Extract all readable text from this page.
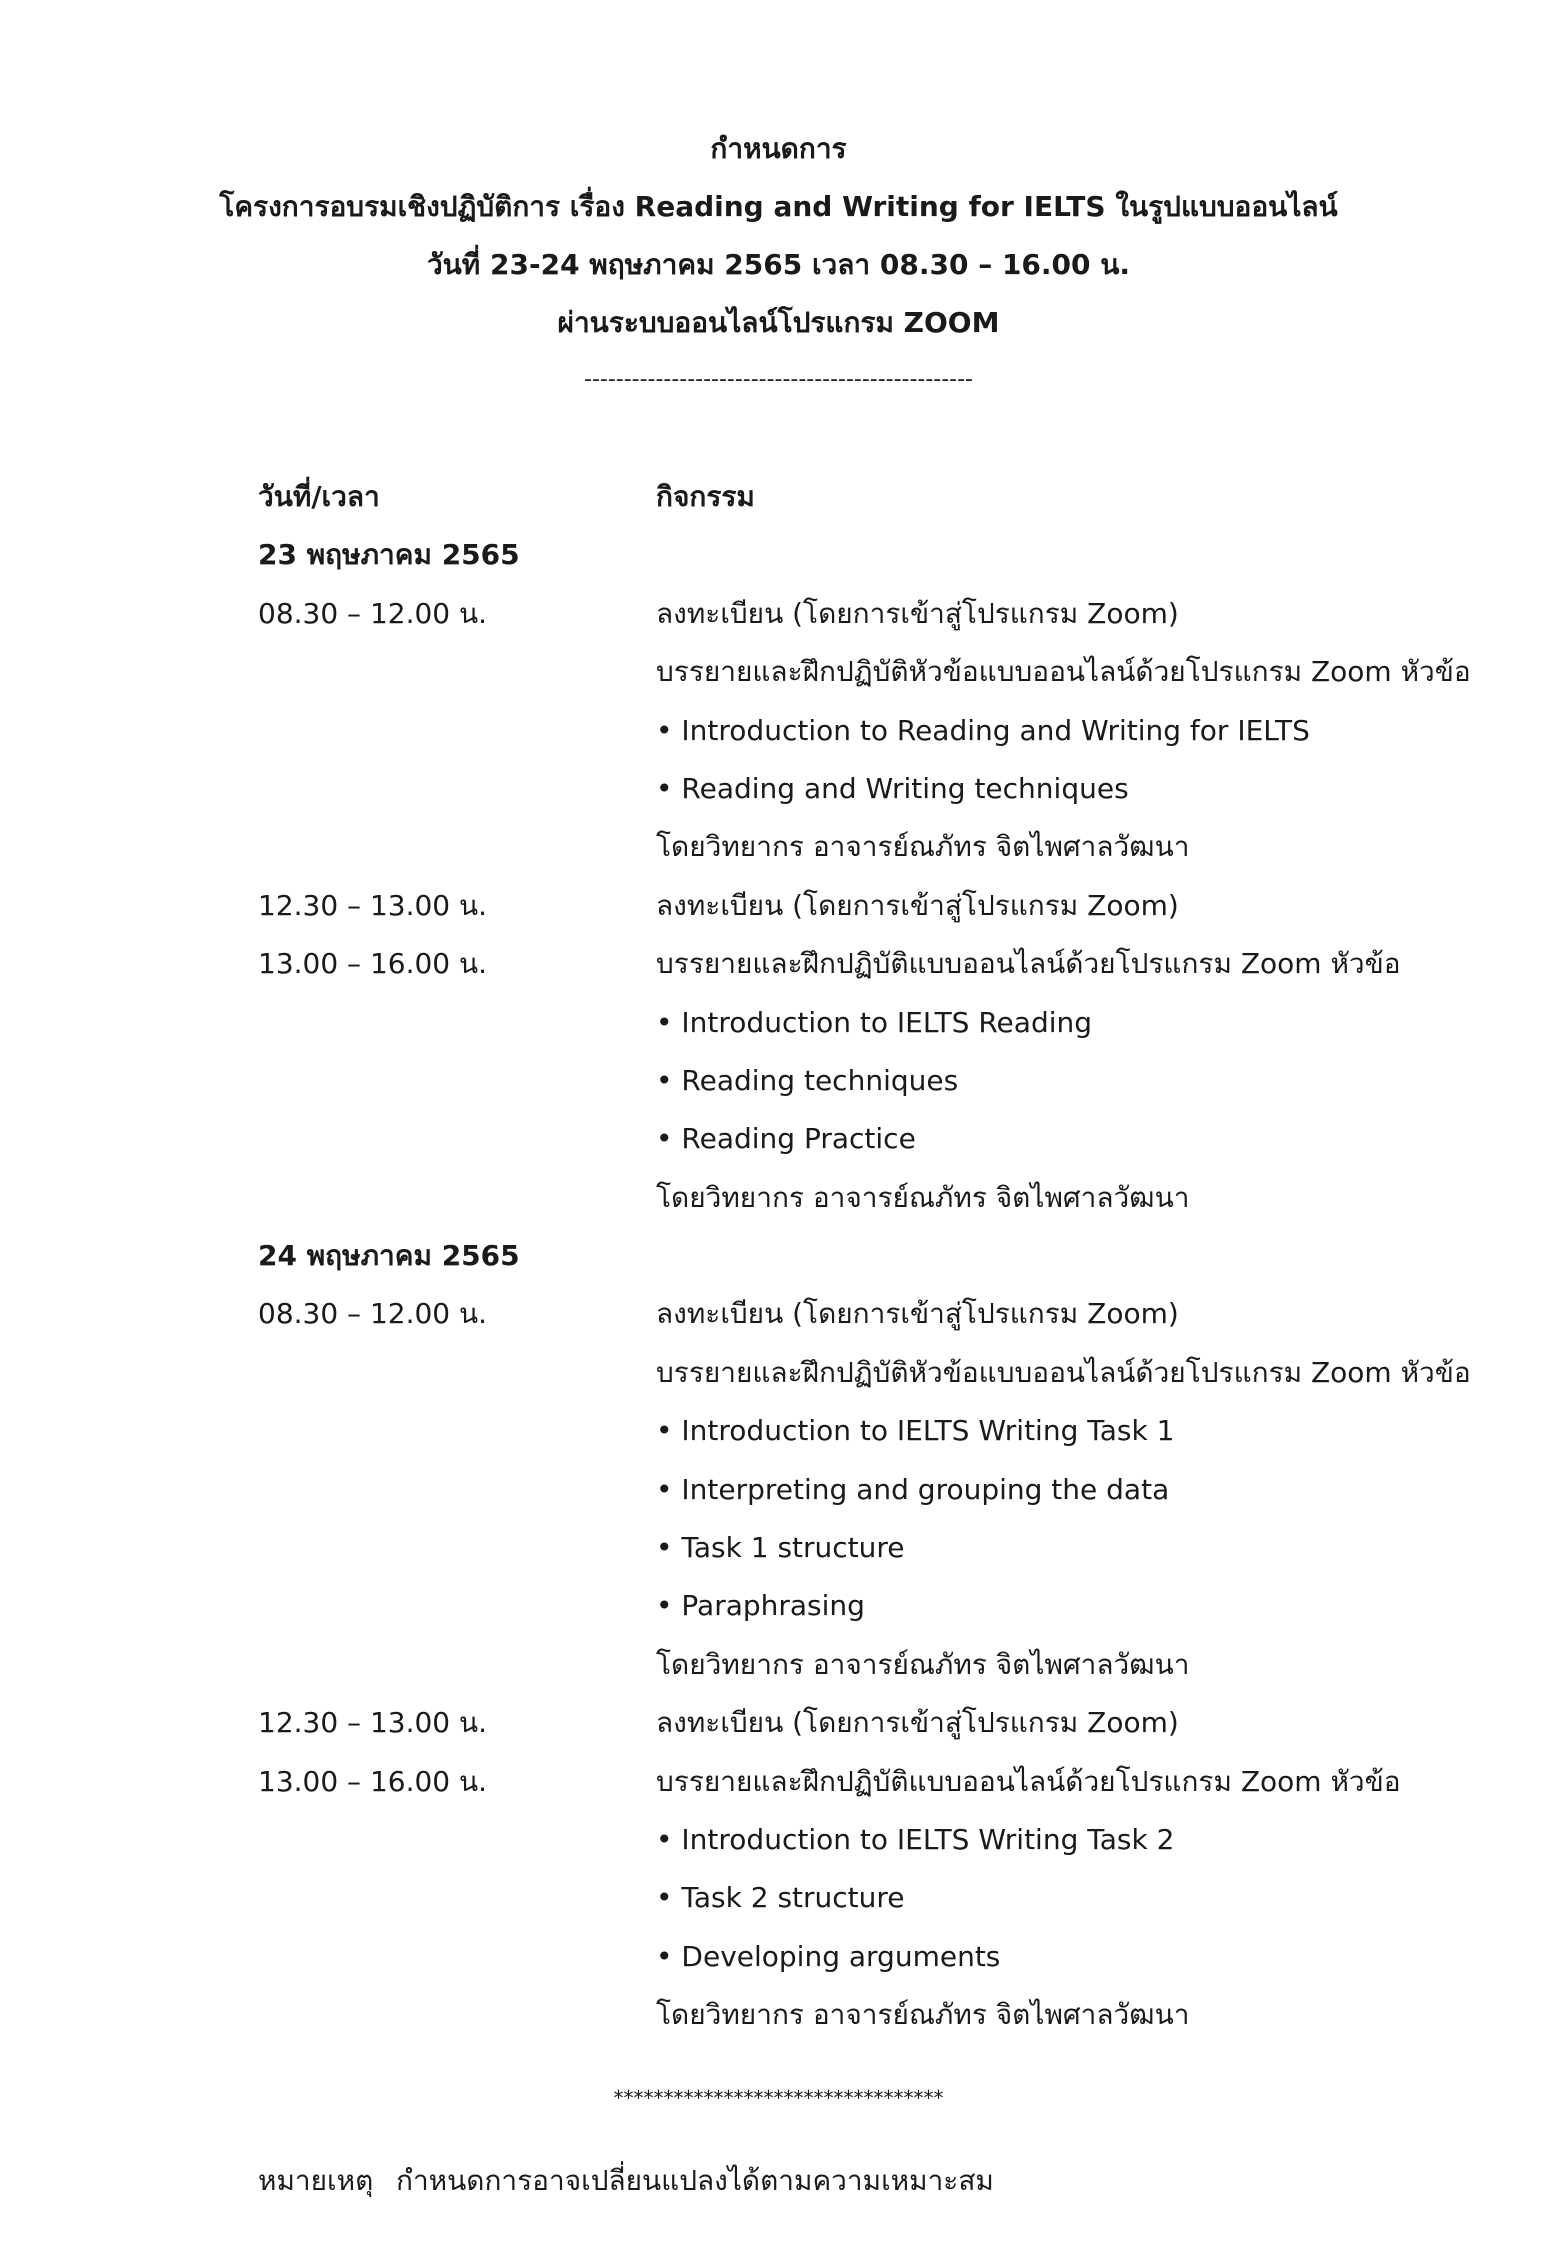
กำหนดการ
โครงการอบรมเชิงปฏิบัติการ เรื่อง Reading and Writing for IELTS ในรูปแบบออนไลน์
วันที่ 23-24 พฤษภาคม 2565 เวลา 08.30 – 16.00 น.
ผ่านระบบออนไลน์โปรแกรม ZOOM
-------------------------------------------------
วันที่/เวลา	กิจกรรม
23 พฤษภาคม 2565
08.30 – 12.00 น.	ลงทะเบียน (โดยการเข้าสู่โปรแกรม Zoom)
บรรยายและฝึกปฏิบัติหัวข้อแบบออนไลน์ด้วยโปรแกรม Zoom หัวข้อ
• Introduction to Reading and Writing for IELTS
• Reading and Writing techniques
โดยวิทยากร อาจารย์ณภัทร จิตไพศาลวัฒนา
12.30 – 13.00 น.	ลงทะเบียน (โดยการเข้าสู่โปรแกรม Zoom)
13.00 – 16.00 น.	บรรยายและฝึกปฏิบัติแบบออนไลน์ด้วยโปรแกรม Zoom หัวข้อ
• Introduction to IELTS Reading
• Reading techniques
• Reading Practice
โดยวิทยากร อาจารย์ณภัทร จิตไพศาลวัฒนา
24 พฤษภาคม 2565
08.30 – 12.00 น.	ลงทะเบียน (โดยการเข้าสู่โปรแกรม Zoom)
บรรยายและฝึกปฏิบัติหัวข้อแบบออนไลน์ด้วยโปรแกรม Zoom หัวข้อ
• Introduction to IELTS Writing Task 1
• Interpreting and grouping the data
• Task 1 structure
• Paraphrasing
โดยวิทยากร อาจารย์ณภัทร จิตไพศาลวัฒนา
12.30 – 13.00 น.	ลงทะเบียน (โดยการเข้าสู่โปรแกรม Zoom)
13.00 – 16.00 น.	บรรยายและฝึกปฏิบัติแบบออนไลน์ด้วยโปรแกรม Zoom หัวข้อ
• Introduction to IELTS Writing Task 2
• Task 2 structure
• Developing arguments
โดยวิทยากร อาจารย์ณภัทร จิตไพศาลวัฒนา
*********************************
หมายเหตุ กำหนดการอาจเปลี่ยนแปลงได้ตามความเหมาะสม
